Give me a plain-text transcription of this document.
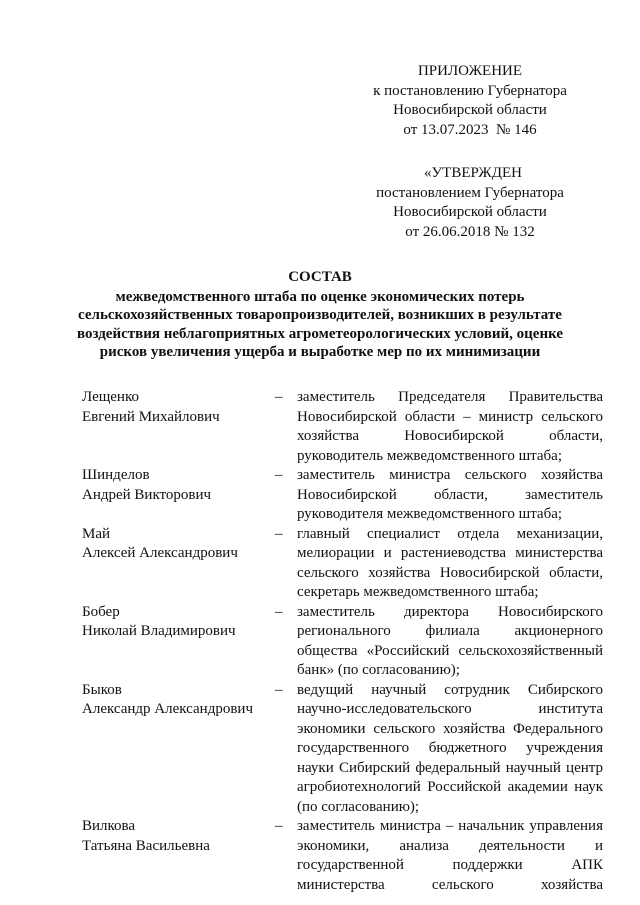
ПРИЛОЖЕНИЕ
к постановлению Губернатора
Новосибирской области
от 13.07.2023  № 146
«УТВЕРЖДЕН
постановлением Губернатора
Новосибирской области
от 26.06.2018 № 132
СОСТАВ
межведомственного штаба по оценке экономических потерь
сельскохозяйственных товаропроизводителей, возникших в результате
воздействия неблагоприятных агрометеорологических условий, оценке
рисков увеличения ущерба и выработке мер по их минимизации
Лещенко
Евгений Михайлович
– заместитель Председателя Правительства Новосибирской области – министр сельского хозяйства Новосибирской области, руководитель межведомственного штаба;
Шинделов
Андрей Викторович
– заместитель министра сельского хозяйства Новосибирской области, заместитель руководителя межведомственного штаба;
Май
Алексей Александрович
– главный специалист отдела механизации, мелиорации и растениеводства министерства сельского хозяйства Новосибирской области, секретарь межведомственного штаба;
Бобер
Николай Владимирович
– заместитель директора Новосибирского регионального филиала акционерного общества «Российский сельскохозяйственный банк» (по согласованию);
Быков
Александр Александрович
– ведущий научный сотрудник Сибирского научно-исследовательского института экономики сельского хозяйства Федерального государственного бюджетного учреждения науки Сибирский федеральный научный центр агробиотехнологий Российской академии наук (по согласованию);
Вилкова
Татьяна Васильевна
– заместитель министра – начальник управления экономики, анализа деятельности и государственной поддержки АПК министерства сельского хозяйства
